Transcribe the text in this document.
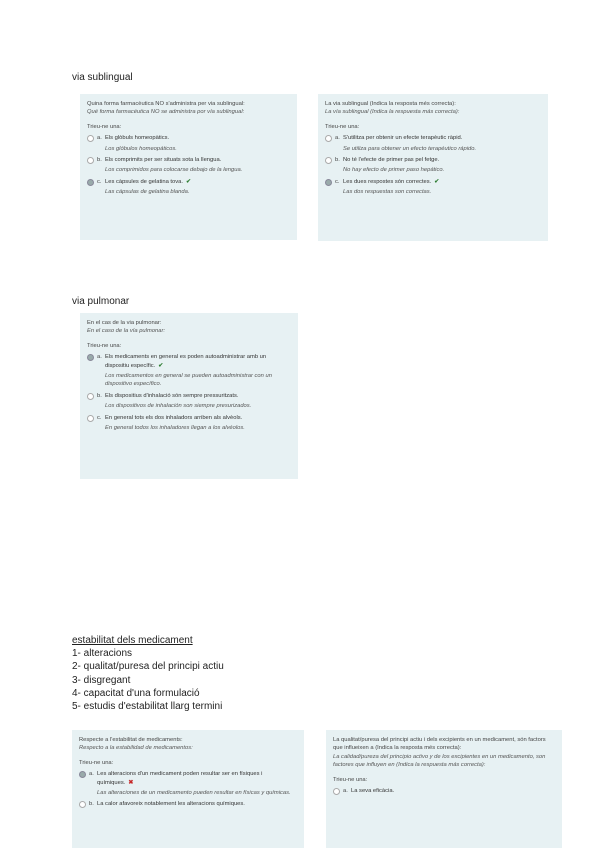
via sublingual
Quina forma farmacèutica NO s'administra per via sublingual:
Qué forma farmacéutica NO se administra por vía sublingual:
Trieu-ne una:
a. Els glòbuls homeopàtics.
Los glóbulos homeopáticos.
b. Els comprimits per ser situats sota la llengua.
Los comprimidos para colocarse debajo de la lengua.
c. Les càpsules de gelatina tova. ✔
Las cápsulas de gelatina blanda.
La via sublingual (Indica la resposta més correcta):
La vía sublingual (Indica la respuesta más correcta):
Trieu-ne una:
a. S'utilitza per obtenir un efecte terapèutic ràpid.
Se utiliza para obtener un efecto terapéutico rápido.
b. No té l'efecte de primer pas pel fetge.
No hay efecto de primer paso hepático.
c. Les dues respostes són correctes. ✔
Las dos respuestas son correctas.
via pulmonar
En el cas de la via pulmonar:
En el caso de la vía pulmonar:
Trieu-ne una:
a. Els medicaments en general es poden autoadministrar amb un dispositiu específic. ✔
Los medicamentos en general se pueden autoadministrar con un dispositivo específico.
b. Els dispositius d'inhalació són sempre pressuritzats.
Los dispositivos de inhalación son siempre presurizados.
c. En general tots els dos inhaladors arriben als alvèols.
En general todos los inhaladores llegan a los alvéolos.
estabilitat dels medicament
1- alteracions
2- qualitat/puresa del principi actiu
3- disgregant
4- capacitat d'una formulació
5- estudis d'estabilitat llarg termini
Respecte a l'estabilitat de medicaments:
Respecto a la estabilidad de medicamentos:
Trieu-ne una:
a. Les alteracions d'un medicament poden resultar ser en físiques i químiques. ✖
Las alteraciones de un medicamento pueden resultar en físicas y químicas.
b. La calor afavoreix notablement les alteracions químiques.
La qualitat/puresa del principi actiu i dels excipients en un medicament, són factors que influeixen a (Indica la resposta més correcta):
La calidad/pureza del principio activo y de los excipientes en un medicamento, son factores que influyen en (Indica la respuesta más correcta):
Trieu-ne una:
a. La seva eficàcia.
